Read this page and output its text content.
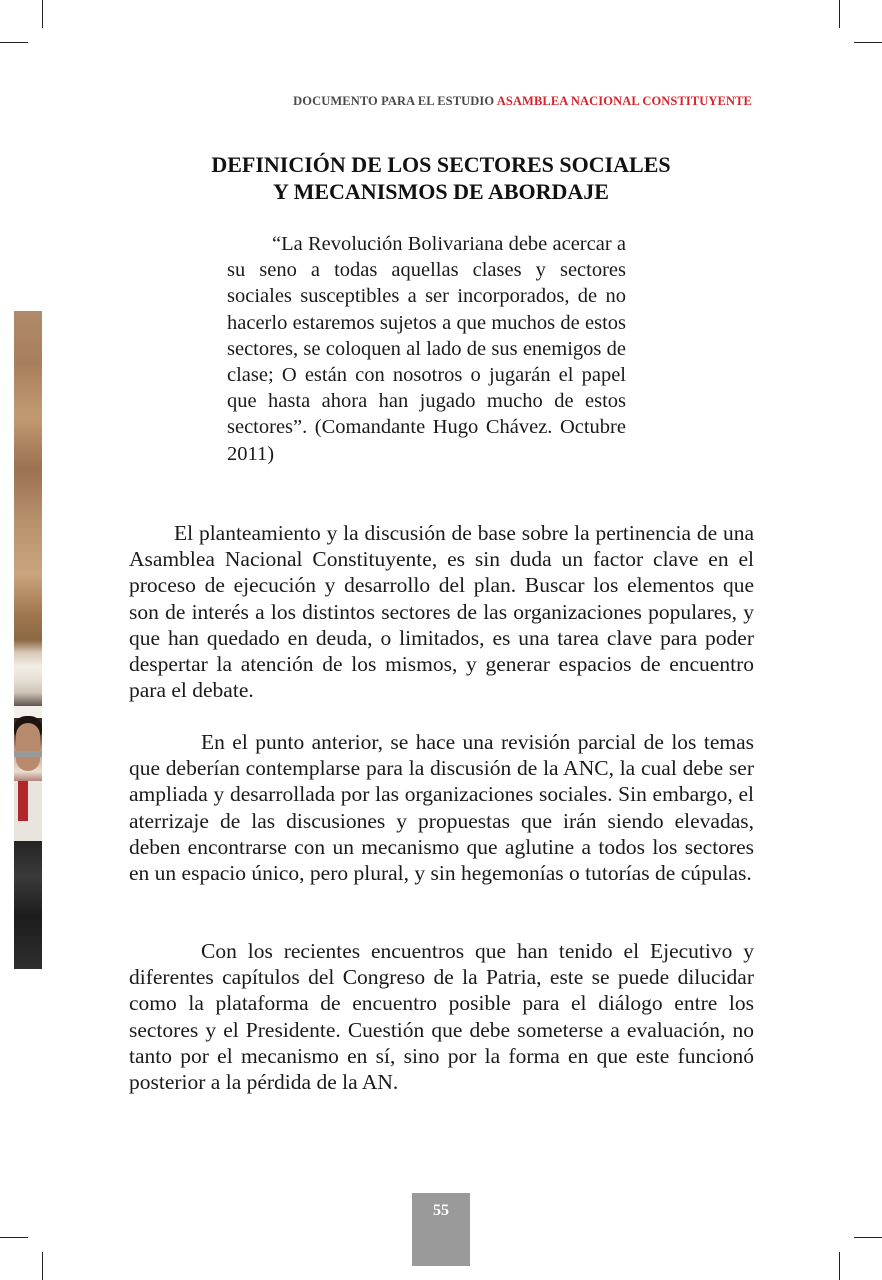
DOCUMENTO PARA EL ESTUDIO ASAMBLEA NACIONAL CONSTITUYENTE
DEFINICIÓN DE LOS SECTORES SOCIALES
Y MECANISMOS DE ABORDAJE
“La Revolución Bolivariana debe acercar a su seno a todas aquellas clases y sectores sociales susceptibles a ser incorporados, de no hacerlo estaremos sujetos a que muchos de estos sectores, se coloquen al lado de sus enemigos de clase; O están con nosotros o jugarán el papel que hasta ahora han jugado mucho de estos sectores”. (Comandante Hugo Chávez. Octubre 2011)
El planteamiento y la discusión de base sobre la pertinencia de una Asamblea Nacional Constituyente, es sin duda un factor clave en el proceso de ejecución y desarrollo del plan. Buscar los elementos que son de interés a los distintos sectores de las organizaciones populares, y que han quedado en deuda, o limitados, es una tarea clave para poder despertar la atención de los mismos, y generar espacios de encuentro para el debate.
En el punto anterior, se hace una revisión parcial de los temas que deberían contemplarse para la discusión de la ANC, la cual debe ser ampliada y desarrollada por las organizaciones sociales. Sin embargo, el aterrizaje de las discusiones y propuestas que irán siendo elevadas, deben encontrarse con un mecanismo que aglutine a todos los sectores en un espacio único, pero plural, y sin hegemonías o tutorías de cúpulas.
Con los recientes encuentros que han tenido el Ejecutivo y diferentes capítulos del Congreso de la Patria, este se puede dilucidar como la plataforma de encuentro posible para el diálogo entre los sectores y el Presidente. Cuestión que debe someterse a evaluación, no tanto por el mecanismo en sí, sino por la forma en que este funcionó posterior a la pérdida de la AN.
55
